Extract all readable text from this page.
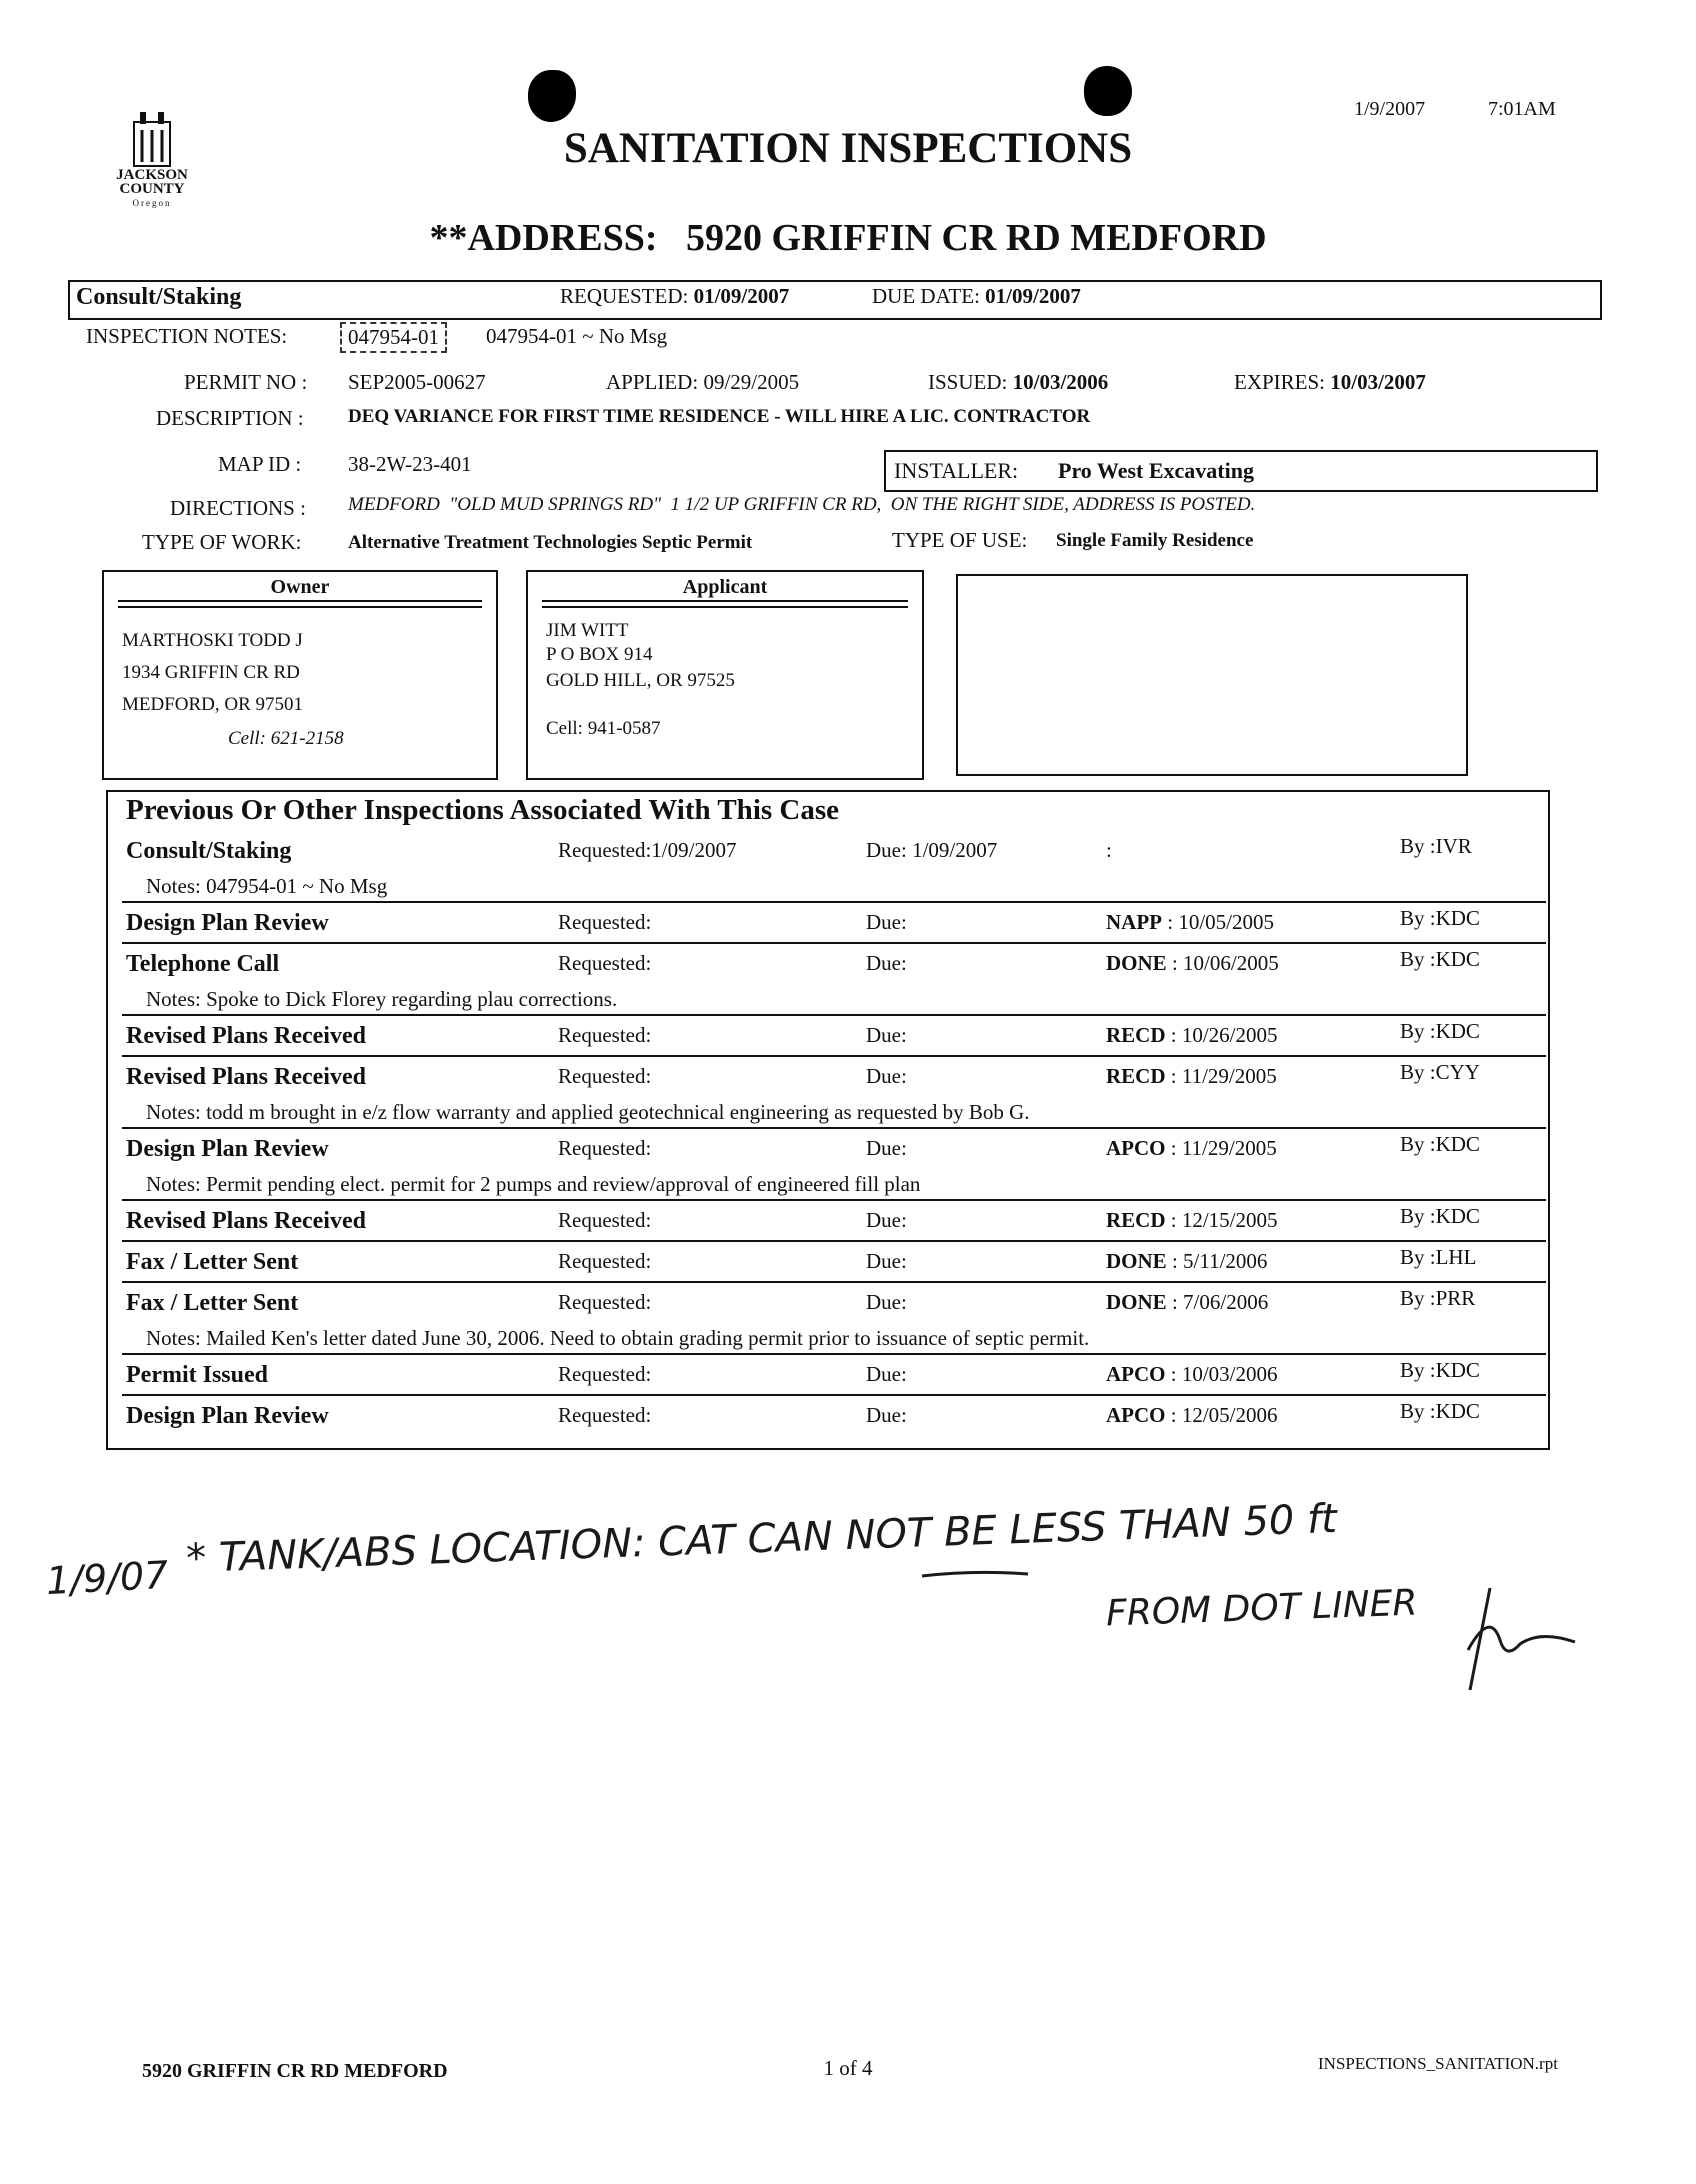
JACKSON COUNTY
Oregon
1/9/2007	7:01AM
SANITATION INSPECTIONS
**ADDRESS: 5920 GRIFFIN CR RD MEDFORD
Consult/Staking	REQUESTED: 01/09/2007	DUE DATE: 01/09/2007
INSPECTION NOTES:	047954-01	047954-01 ~ No Msg
PERMIT NO : SEP2005-00627	APPLIED: 09/29/2005	ISSUED: 10/03/2006	EXPIRES: 10/03/2007
DESCRIPTION : DEQ VARIANCE FOR FIRST TIME RESIDENCE - WILL HIRE A LIC. CONTRACTOR
MAP ID : 38-2W-23-401	INSTALLER: Pro West Excavating
DIRECTIONS : MEDFORD  "OLD MUD SPRINGS RD"  1 1/2 UP GRIFFIN CR RD,  ON THE RIGHT SIDE, ADDRESS IS POSTED.
TYPE OF WORK: Alternative Treatment Technologies Septic Permit	TYPE OF USE: Single Family Residence
Owner
MARTHOSKI TODD J
1934 GRIFFIN CR RD
MEDFORD, OR 97501
Cell: 621-2158
Applicant
JIM WITT
P O BOX 914
GOLD HILL, OR 97525
Cell: 941-0587
Previous Or Other Inspections Associated With This Case
Consult/Staking	Requested:1/09/2007	Due: 1/09/2007	:	By :IVR
Notes: 047954-01 ~ No Msg
Design Plan Review	Requested:	Due:	NAPP : 10/05/2005	By :KDC
Telephone Call	Requested:	Due:	DONE : 10/06/2005	By :KDC
Notes: Spoke to Dick Florey regarding plau corrections.
Revised Plans Received	Requested:	Due:	RECD : 10/26/2005	By :KDC
Revised Plans Received	Requested:	Due:	RECD : 11/29/2005	By :CYY
Notes: todd m brought in e/z flow warranty and applied geotechnical engineering as requested by Bob G.
Design Plan Review	Requested:	Due:	APCO : 11/29/2005	By :KDC
Notes: Permit pending elect. permit for 2 pumps and review/approval of engineered fill plan
Revised Plans Received	Requested:	Due:	RECD : 12/15/2005	By :KDC
Fax / Letter Sent	Requested:	Due:	DONE : 5/11/2006	By :LHL
Fax / Letter Sent	Requested:	Due:	DONE : 7/06/2006	By :PRR
Notes: Mailed Ken's letter dated June 30, 2006. Need to obtain grading permit prior to issuance of septic permit.
Permit Issued	Requested:	Due:	APCO : 10/03/2006	By :KDC
Design Plan Review	Requested:	Due:	APCO : 12/05/2006	By :KDC
1/9/07 * TANK/ABS LOCATION: CAT CAN NOT BE LESS THAN 50 ft
FROM DOT LINER
5920 GRIFFIN CR RD MEDFORD	1 of 4	INSPECTIONS_SANITATION.rpt
